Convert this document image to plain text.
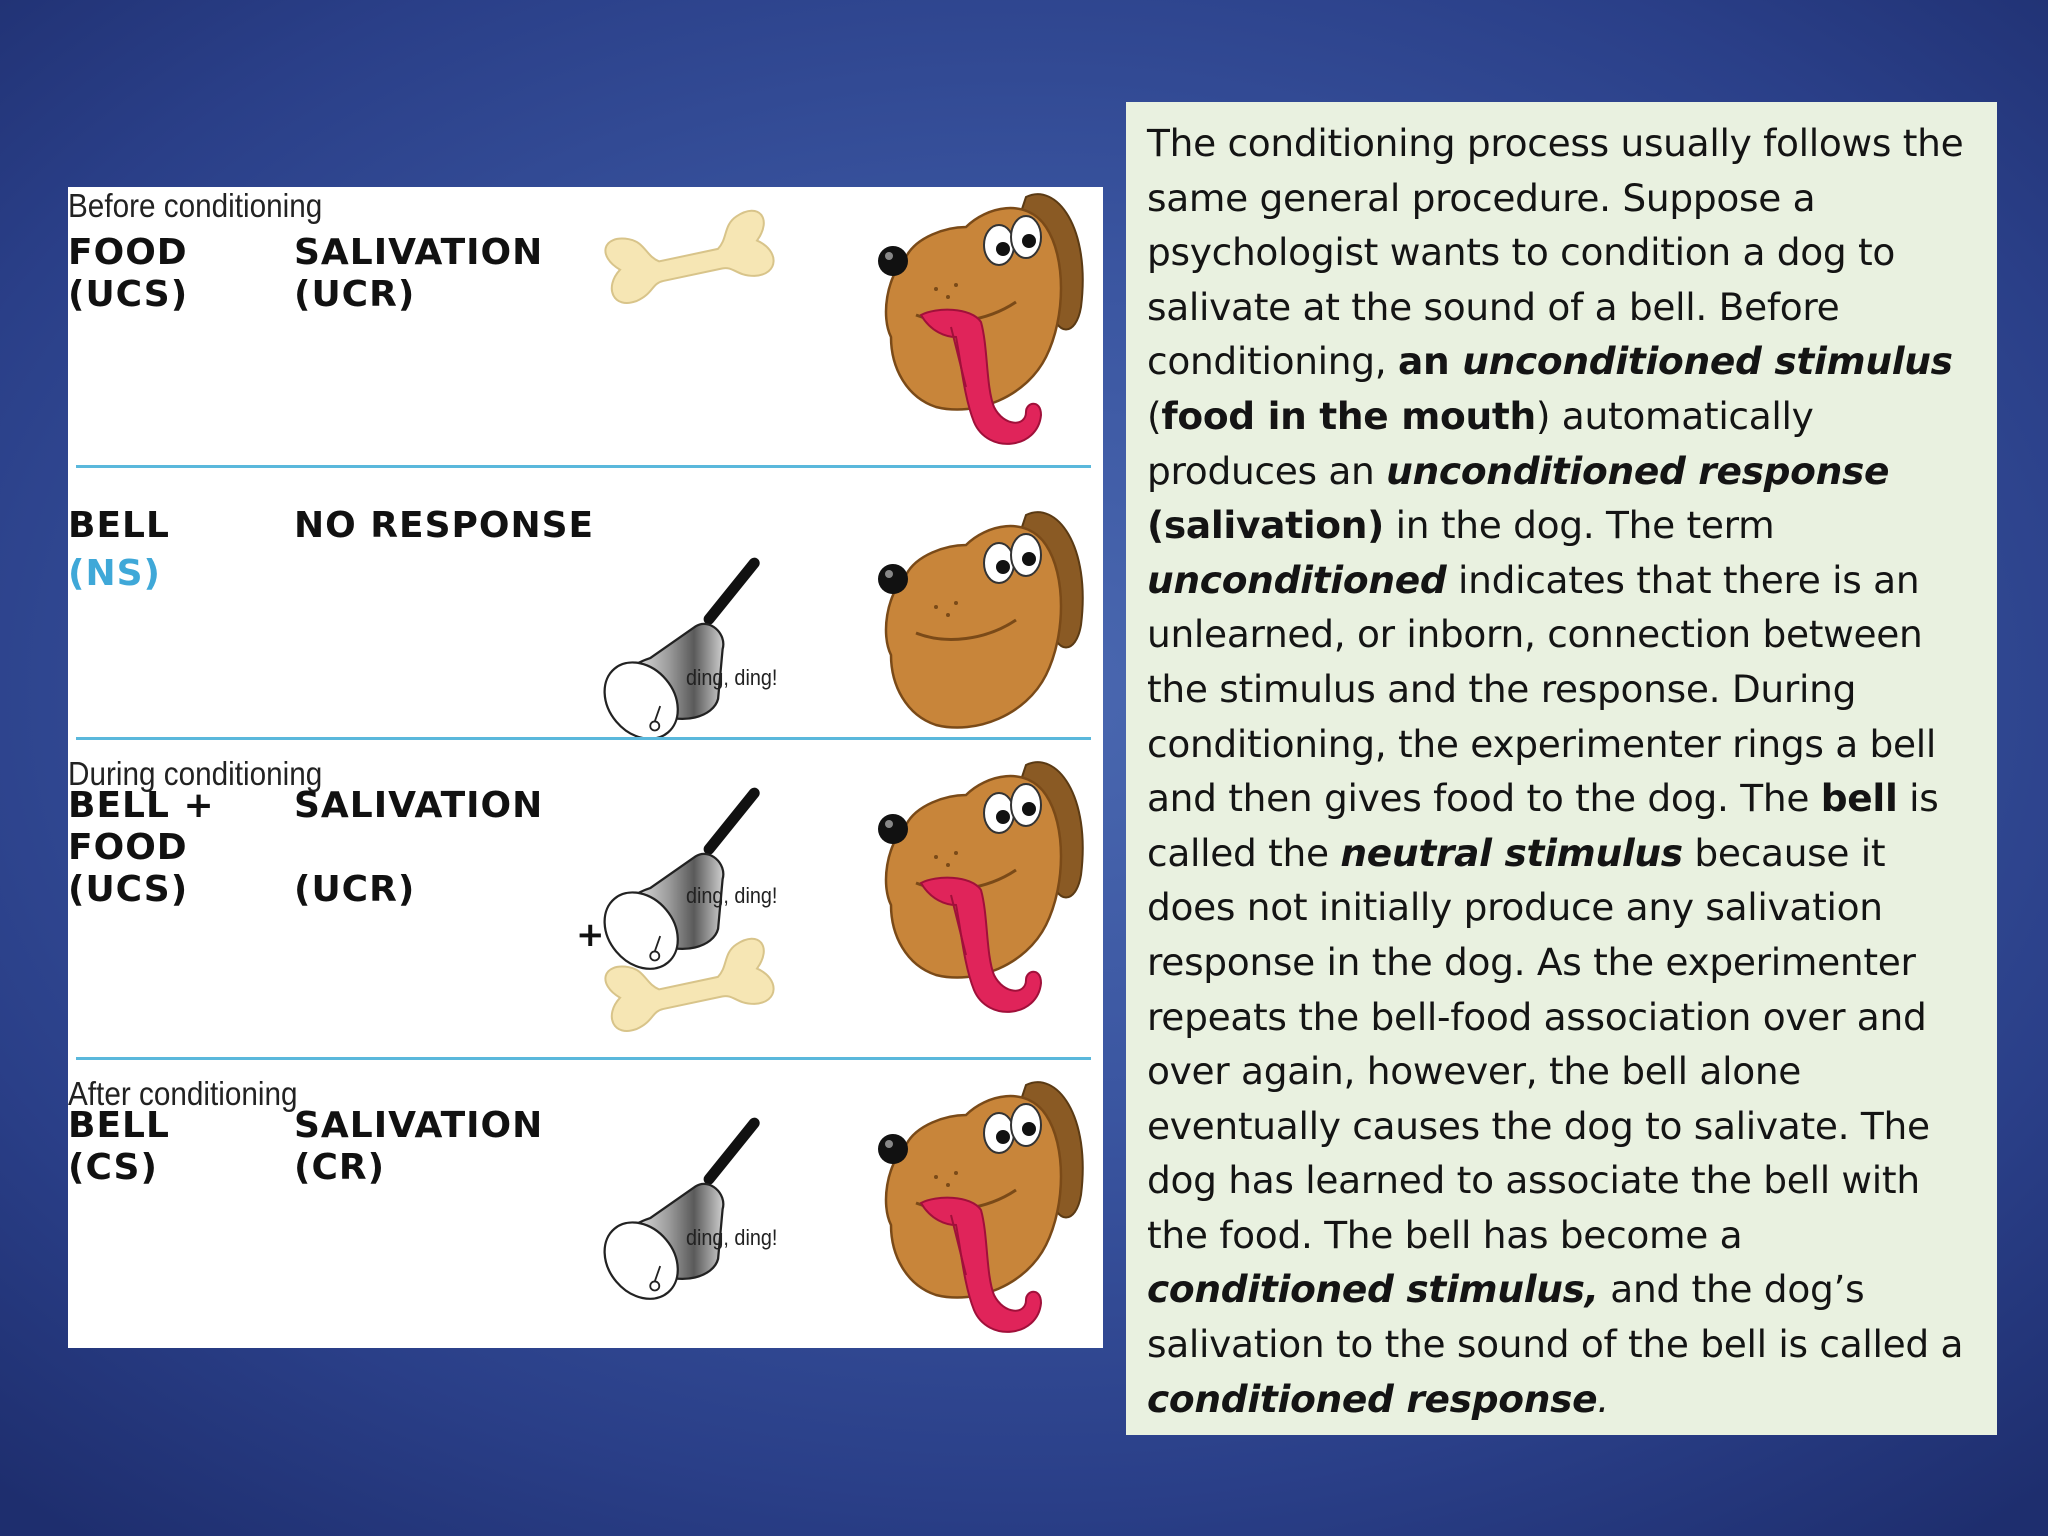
Before conditioning
FOOD
(UCS)
SALIVATION
(UCR)
BELL
(NS)
NO RESPONSE
ding, ding!
During conditioning
BELL +
FOOD
(UCS)
SALIVATION

(UCR)	ding, ding!
+
After conditioning
BELL
(CS)
SALIVATION
(CR)
ding, ding!

The conditioning process usually follows the same general procedure. Suppose a psychologist wants to condition a dog to salivate at the sound of a bell. Before conditioning, an unconditioned stimulus (food in the mouth) automatically produces an unconditioned response (salivation) in the dog. The term unconditioned indicates that there is an unlearned, or inborn, connection between the stimulus and the response. During conditioning, the experimenter rings a bell and then gives food to the dog. The bell is called the neutral stimulus because it does not initially produce any salivation response in the dog. As the experimenter repeats the bell-food association over and over again, however, the bell alone eventually causes the dog to salivate. The dog has learned to associate the bell with the food. The bell has become a conditioned stimulus, and the dog’s salivation to the sound of the bell is called a conditioned response.
